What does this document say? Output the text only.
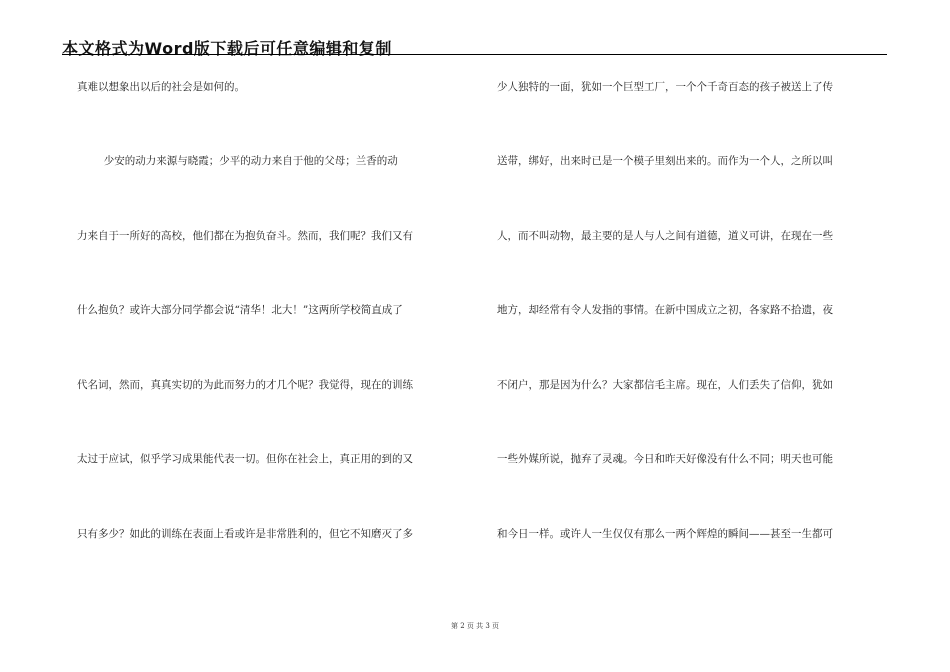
本文格式为Word版下载后可任意编辑和复制
真难以想象出以后的社会是如何的。
少安的动力来源与晓霞；少平的动力来自于他的父母；兰香的动
力来自于一所好的高校，他们都在为抱负奋斗。然而，我们呢？我们又有
什么抱负？或许大部分同学都会说“清华！北大！”这两所学校简直成了
代名词，然而，真真实切的为此而努力的才几个呢？我觉得，现在的训练
太过于应试，似乎学习成果能代表一切。但你在社会上，真正用的到的又
只有多少？如此的训练在表面上看或许是非常胜利的，但它不知磨灭了多
少人独特的一面，犹如一个巨型工厂，一个个千奇百态的孩子被送上了传
送带，绑好，出来时已是一个模子里刻出来的。而作为一个人，之所以叫
人，而不叫动物，最主要的是人与人之间有道德，道义可讲，在现在一些
地方，却经常有令人发指的事情。在新中国成立之初，各家路不拾遗，夜
不闭户，那是因为什么？大家都信毛主席。现在，人们丢失了信仰，犹如
一些外媒所说，抛弃了灵魂。今日和昨天好像没有什么不同；明天也可能
和今日一样。或许人一生仅仅有那么一两个辉煌的瞬间——甚至一生都可
第 2 页 共 3 页
